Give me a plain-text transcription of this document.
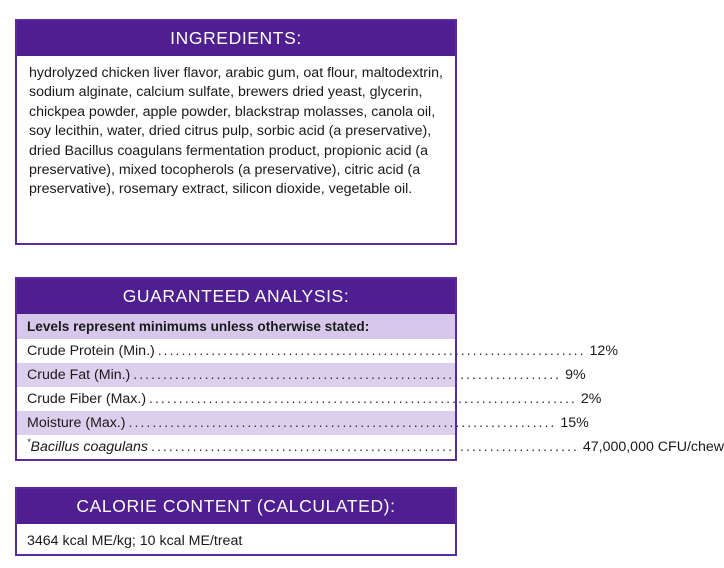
INGREDIENTS:
hydrolyzed chicken liver flavor, arabic gum, oat flour, maltodextrin, sodium alginate, calcium sulfate, brewers dried yeast, glycerin, chickpea powder, apple powder, blackstrap molasses, canola oil, soy lecithin, water, dried citrus pulp, sorbic acid (a preservative), dried Bacillus coagulans fermentation product, propionic acid (a preservative), mixed tocopherols (a preservative), citric acid (a preservative), rosemary extract, silicon dioxide, vegetable oil.
GUARANTEED ANALYSIS:
Levels represent minimums unless otherwise stated:
Crude Protein (Min.) ........................................................................ 12%
Crude Fat (Min.) ........................................................................ 9%
Crude Fiber (Max.) ........................................................................ 2%
Moisture (Max.) ........................................................................ 15%
*Bacillus coagulans ........................................................................ 47,000,000 CFU/chew
CALORIE CONTENT (CALCULATED):
3464 kcal ME/kg; 10 kcal ME/treat
